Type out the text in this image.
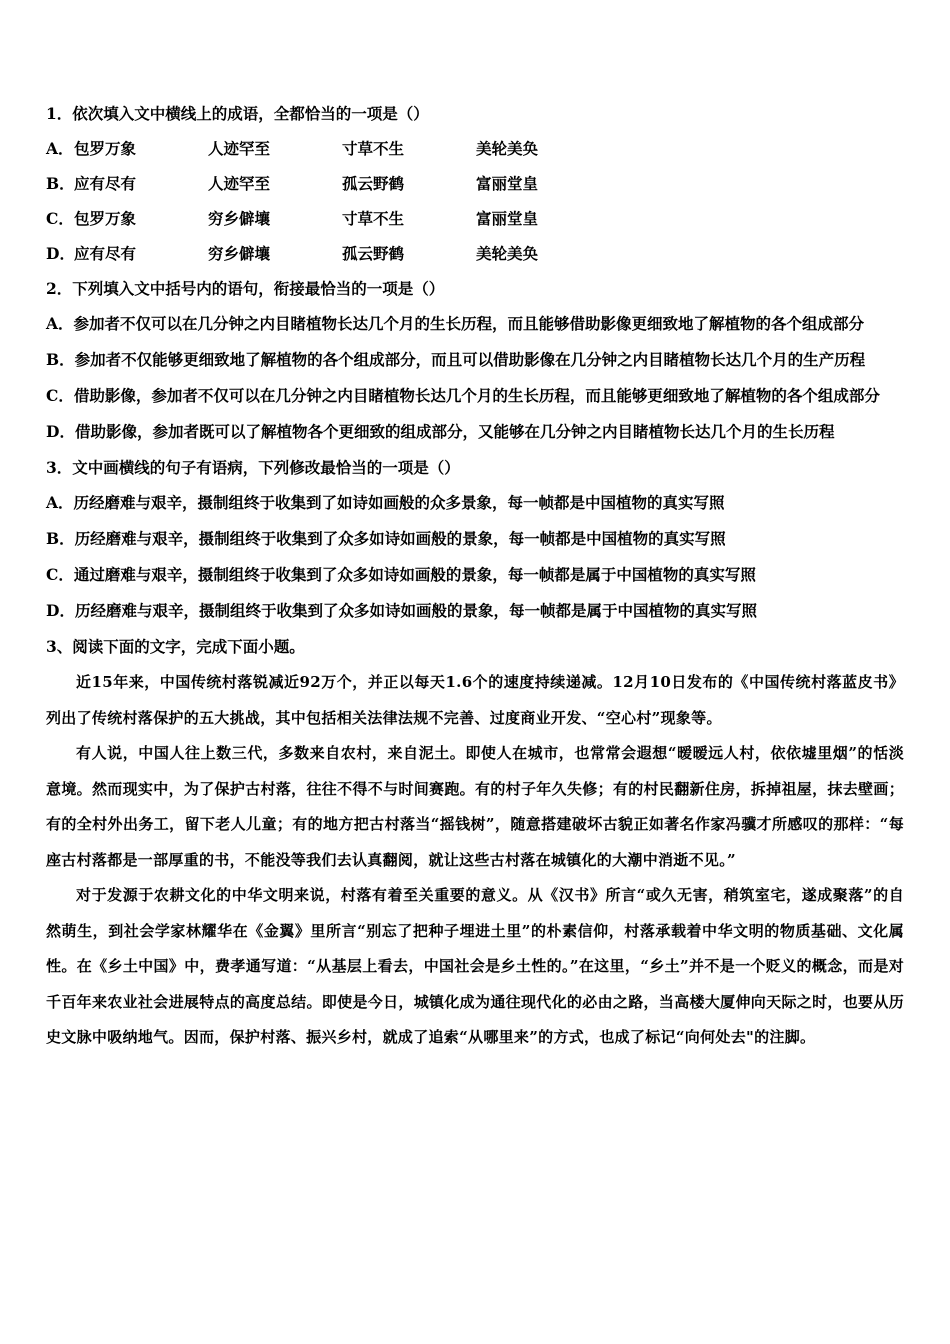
1．依次填入文中横线上的成语，全都恰当的一项是（）

A． 包罗万象	人迹罕至	寸草不生	美轮美奂
B． 应有尽有	人迹罕至	孤云野鹤	富丽堂皇
C． 包罗万象	穷乡僻壤	寸草不生	富丽堂皇
D． 应有尽有	穷乡僻壤	孤云野鹤	美轮美奂

2．下列填入文中括号内的语句，衔接最恰当的一项是（）

A．参加者不仅可以在几分钟之内目睹植物长达几个月的生长历程，而且能够借助影像更细致地了解植物的各个组成部分

B．参加者不仅能够更细致地了解植物的各个组成部分，而且可以借助影像在几分钟之内目睹植物长达几个月的生产历程

C．借助影像，参加者不仅可以在几分钟之内目睹植物长达几个月的生长历程，而且能够更细致地了解植物的各个组成部分

D．借助影像，参加者既可以了解植物各个更细致的组成部分，又能够在几分钟之内目睹植物长达几个月的生长历程

3．文中画横线的句子有语病，下列修改最恰当的一项是（）

A．历经磨难与艰辛，摄制组终于收集到了如诗如画般的众多景象，每一帧都是中国植物的真实写照

B．历经磨难与艰辛，摄制组终于收集到了众多如诗如画般的景象，每一帧都是中国植物的真实写照

C．通过磨难与艰辛，摄制组终于收集到了众多如诗如画般的景象，每一帧都是属于中国植物的真实写照

D．历经磨难与艰辛，摄制组终于收集到了众多如诗如画般的景象，每一帧都是属于中国植物的真实写照

3、阅读下面的文字，完成下面小题。

近15年来，中国传统村落锐减近92万个，并正以每天1.6个的速度持续递减。12月10日发布的《中国传统村落蓝皮书》列出了传统村落保护的五大挑战，其中包括相关法律法规不完善、过度商业开发、“空心村”现象等。

有人说，中国人往上数三代，多数来自农村，来自泥土。即使人在城市，也常常会遐想“暧暧远人村，依依墟里烟”的恬淡意境。然而现实中，为了保护古村落，往往不得不与时间赛跑。有的村子年久失修；有的村民翻新住房，拆掉祖屋，抹去壁画；有的全村外出务工，留下老人儿童；有的地方把古村落当“摇钱树”，随意搭建破坏古貌正如著名作家冯骥才所感叹的那样：“每座古村落都是一部厚重的书，不能没等我们去认真翻阅，就让这些古村落在城镇化的大潮中消逝不见。”

对于发源于农耕文化的中华文明来说，村落有着至关重要的意义。从《汉书》所言“或久无害，稍筑室宅，遂成聚落”的自然萌生，到社会学家林耀华在《金翼》里所言“别忘了把种子埋进土里”的朴素信仰，村落承载着中华文明的物质基础、文化属性。在《乡土中国》中，费孝通写道：“从基层上看去，中国社会是乡土性的。”在这里，“乡土”并不是一个贬义的概念，而是对千百年来农业社会进展特点的高度总结。即使是今日，城镇化成为通往现代化的必由之路，当高楼大厦伸向天际之时，也要从历史文脉中吸纳地气。因而，保护村落、振兴乡村，就成了追索“从哪里来”的方式，也成了标记“向何处去"的注脚。
